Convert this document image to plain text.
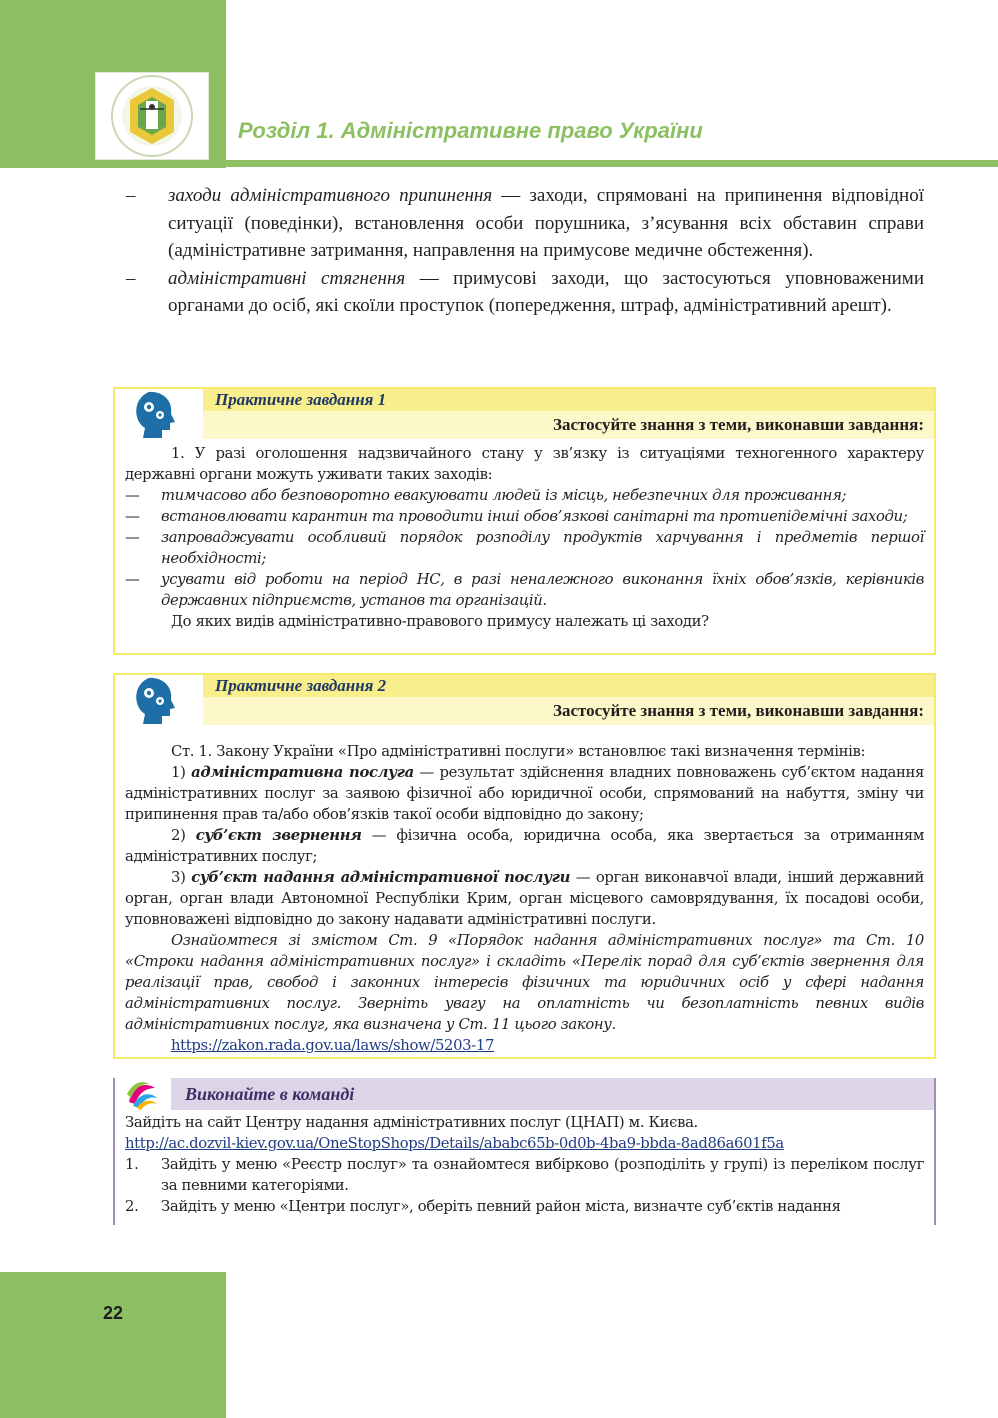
Розділ 1. Адміністративне право України
– заходи адміністративного припинення — заходи, спрямовані на припинення відповідної ситуації (поведінки), встановлення особи порушника, з’ясування всіх обставин справи (адміністративне затримання, направлення на примусове медичне обстеження).
– адміністративні стягнення — примусові заходи, що застосуються уповноваженими органами до осіб, які скоїли проступок (попередження, штраф, адміністративний арешт).
Практичне завдання 1
Застосуйте знання з теми, виконавши завдання:

1. У разі оголошення надзвичайного стану у зв’язку із ситуаціями техногенного характеру державні органи можуть уживати таких заходів:

— тимчасово або безповоротно евакуювати людей із місць, небезпечних для проживання;

— встановлювати карантин та проводити інші обов’язкові санітарні та протиепідемічні заходи;

— запроваджувати особливий порядок розподілу продуктів харчування і предметів першої необхідності;

— усувати від роботи на період НС, в разі неналежного виконання їхніх обов’язків, керівників державних підприємств, установ та організацій.

До яких видів адміністративно-правового примусу належать ці заходи?

Практичне завдання 2
Застосуйте знання з теми, виконавши завдання:

Ст. 1. Закону України «Про адміністративні послуги» встановлює такі визначення термінів:

1) адміністративна послуга — результат здійснення владних повноважень суб’єктом надання адміністративних послуг за заявою фізичної або юридичної особи, спрямований на набуття, зміну чи припинення прав та/або обов’язків такої особи відповідно до закону;

2) суб’єкт звернення — фізична особа, юридична особа, яка звертається за отриманням адміністративних послуг;

3) суб’єкт надання адміністративної послуги — орган виконавчої влади, інший державний орган, орган влади Автономної Республіки Крим, орган місцевого самоврядування, їх посадові особи, уповноважені відповідно до закону надавати адміністративні послуги.

Ознайомтеся зі змістом Ст. 9 «Порядок надання адміністративних послуг» та Ст. 10 «Строки надання адміністративних послуг» і складіть «Перелік порад для суб’єктів звернення для реалізації прав, свобод і законних інтересів фізичних та юридичних осіб у сфері надання адміністративних послуг. Зверніть увагу на оплатність чи безоплатність певних видів адміністративних послуг, яка визначена у Ст. 11 цього закону.

https://zakon.rada.gov.ua/laws/show/5203-17

Виконайте в команді

Зайдіть на сайт Центру надання адміністративних послуг (ЦНАП) м. Києва.

http://ac.dozvil-kiev.gov.ua/OneStopShops/Details/ababc65b-0d0b-4ba9-bbda-8ad86a601f5a

1. Зайдіть у меню «Реєстр послуг» та ознайомтеся вибірково (розподіліть у групі) із переліком послуг за певними категоріями.

2. Зайдіть у меню «Центри послуг», оберіть певний район міста, визначте суб’єктів надання

22
